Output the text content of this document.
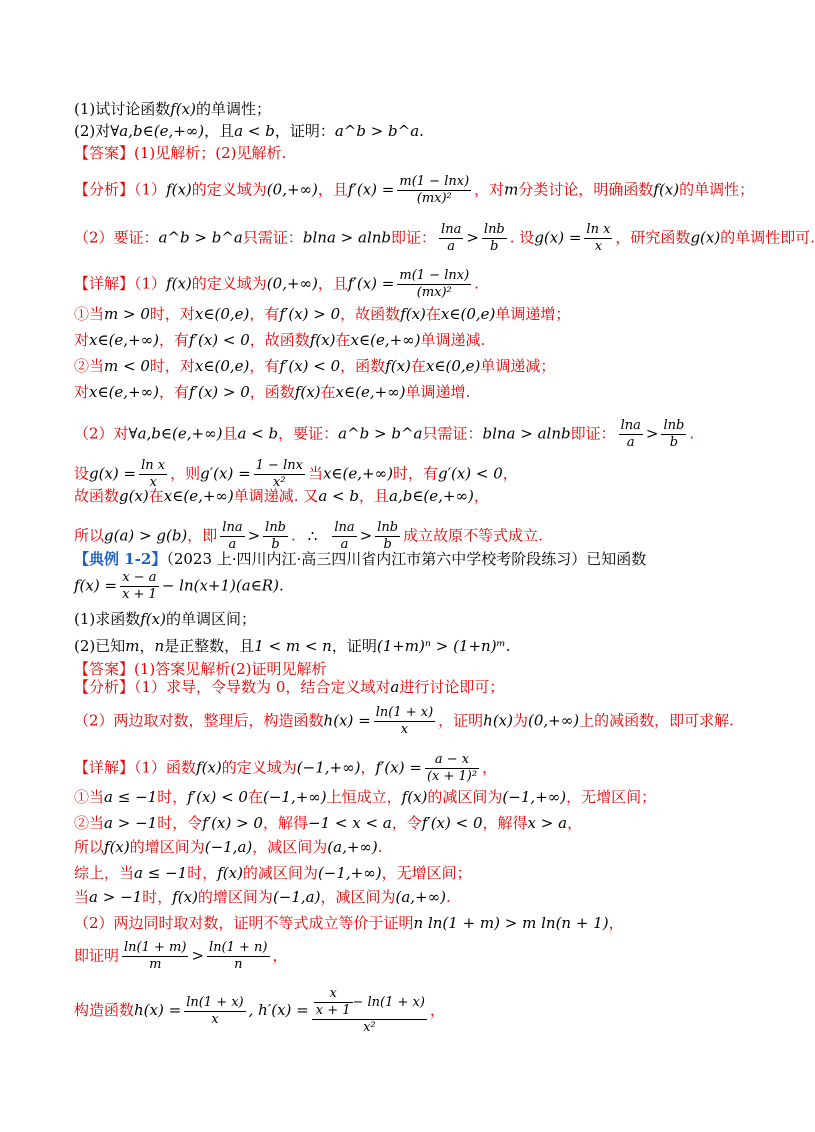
(1)试讨论函数f(x)的单调性；
(2)对∀a,b∈(e,+∞)，且a < b，证明：a^b > b^a.
【答案】(1)见解析；(2)见解析.
【分析】（1）f(x)的定义域为(0,+∞)，且$f'(x) = \frac{m(1 - \ln x)}{\text{(mx)²}}$ ，对m分类讨论，明确函数f(x)的单调性；
（2）要证：a^b > b^a只需证：blna > alnb即证： $\frac{\ln a}{a} > \frac{\ln b}{b}$ . 设$g(x) = \frac{\text{ln x}}{x}$ ，研究函数g(x)的单调性即可.
【详解】（1）f(x)的定义域为(0,+∞)，且$f'(x) = \frac{m(1 - \ln x)}{\text{(mx)²}}$ .
①当m > 0时，对x∈(0,e)，有f′(x) > 0，故函数f(x)在x∈(0,e)单调递增；
对x∈(e,+∞)，有f′(x) < 0，故函数f(x)在x∈(e,+∞)单调递减.
②当m < 0时，对x∈(0,e)，有f′(x) < 0，函数f(x)在x∈(0,e)单调递减；
对x∈(e,+∞)，有f′(x) > 0，函数f(x)在x∈(e,+∞)单调递增.
（2）对∀a,b∈(e,+∞)且a < b，要证：a^b > b^a只需证：blna > alnb即证： $\frac{\ln a}{a} > \frac{\ln b}{b}$ .
设$g(x) = \frac{\text{ln x}}{x}$ ，则$g'(x) = \frac{1 - \ln x}{\text{x²}}$ 当x∈(e,+∞)时，有g′(x) < 0，
故函数g(x)在x∈(e,+∞)单调递减. 又a < b，且a,b∈(e,+∞)，
所以g(a) > g(b)，即 $\frac{\ln a}{a} > \frac{\ln b}{b}$ . ∴ $\frac{\ln a}{a} > \frac{\ln b}{b}$ 成立故原不等式成立.
【典例 1-2】（2023 上·四川内江·高三四川省内江市第六中学校考阶段练习）已知函数
$f(x) = \frac{x - a}{x + 1}$ − ln(x+1)(a∈R).
(1)求函数f(x)的单调区间；
(2)已知m，n是正整数，且1 < m < n，证明(1+m)ⁿ > (1+n)ᵐ.
【答案】(1)答案见解析(2)证明见解析
【分析】（1）求导，令导数为 0，结合定义域对a进行讨论即可；
（2）两边取对数，整理后，构造函数$h(x) = \frac{\ln(1 + x)}{x}$ ，证明h(x)为(0,+∞)上的减函数，即可求解.
【详解】（1）函数f(x)的定义域为(−1,+∞)，$f'(x) = \frac{a - x}{\text{(x + 1)²}}$ ，
①当a ≤ −1时，f′(x) < 0在(−1,+∞)上恒成立，f(x)的减区间为(−1,+∞)，无增区间；
②当a > −1时，令f′(x) > 0，解得−1 < x < a，令f′(x) < 0，解得x > a，
所以f(x)的增区间为(−1,a)，减区间为(a,+∞).
综上，当a ≤ −1时，f(x)的减区间为(−1,+∞)，无增区间；
当a > −1时，f(x)的增区间为(−1,a)，减区间为(a,+∞).
（2）两边同时取对数，证明不等式成立等价于证明n ln(1 + m) > m ln(n + 1)，
即证明 $\frac{\ln(1 + m)}{m} > \frac{\ln(1 + n)}{n}$ ，
构造函数$h(x) = \frac{\ln(1 + x)}{x}$ , $h'(x) = \frac{\frac{x}{x + 1} - \ln(1 + x)}{\text{x²}}$ ，
